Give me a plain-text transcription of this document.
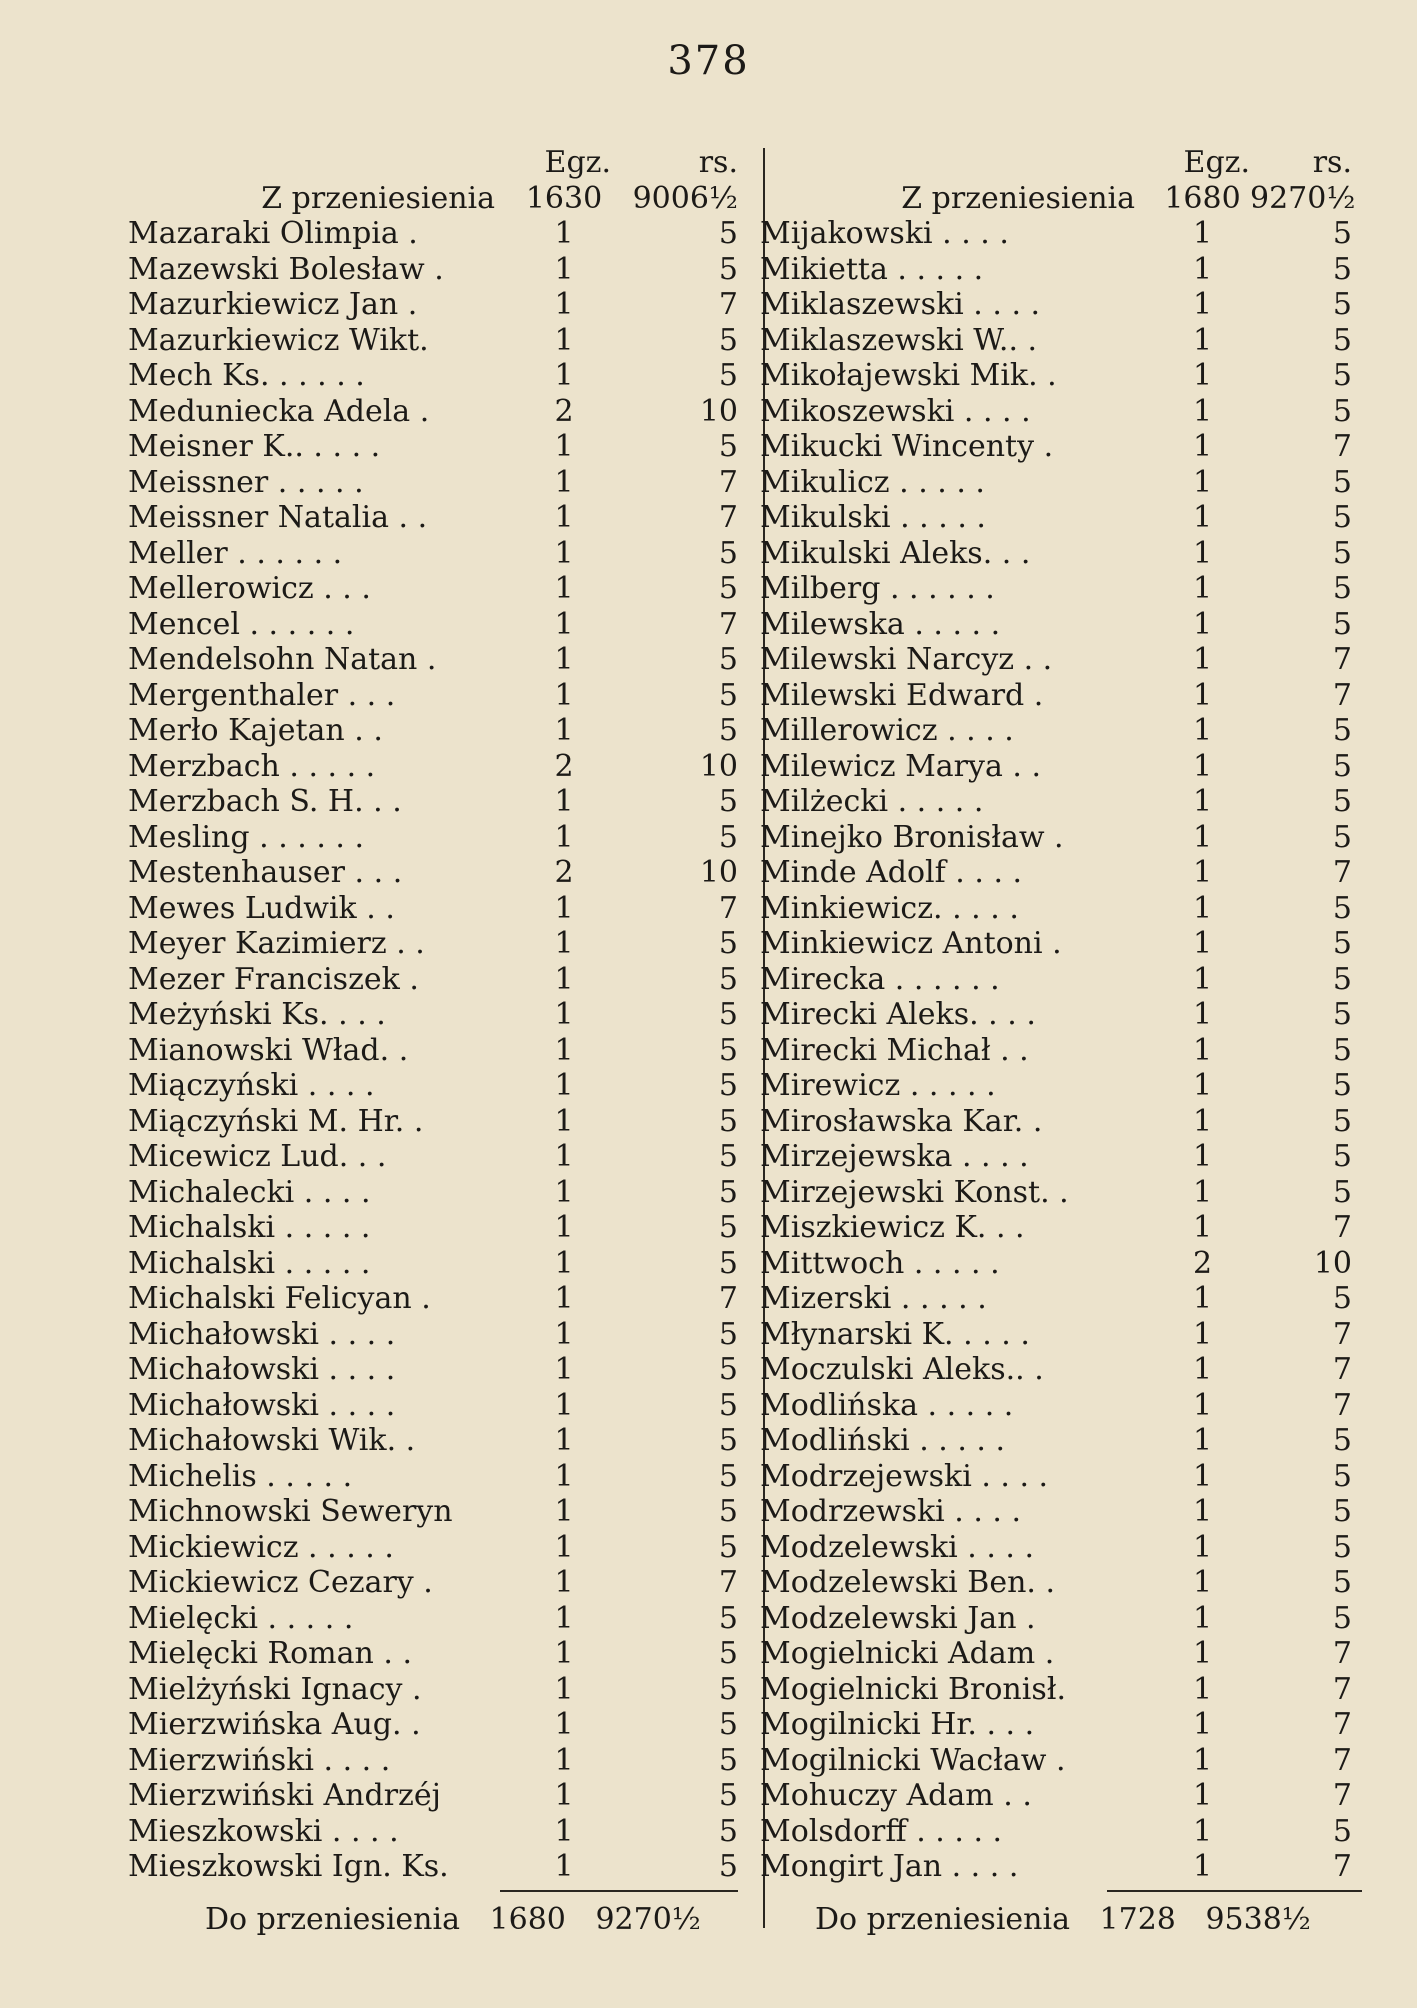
378
Egz.	rs.
Z przeniesienia	1630	9006½
Mazaraki Olimpia .	1	5
Mazewski Bolesław .	1	5
Mazurkiewicz Jan .	1	7
Mazurkiewicz Wikt.	1	5
Mech Ks. . . . . .	1	5
Meduniecka Adela .	2	10
Meisner K.. . . . .	1	5
Meissner . . . . .	1	7
Meissner Natalia . .	1	7
Meller . . . . . .	1	5
Mellerowicz . . .	1	5
Mencel . . . . . .	1	7
Mendelsohn Natan .	1	5
Mergenthaler . . .	1	5
Merło Kajetan . .	1	5
Merzbach . . . . .	2	10
Merzbach S. H. . .	1	5
Mesling . . . . . .	1	5
Mestenhauser . . .	2	10
Mewes Ludwik . .	1	7
Meyer Kazimierz . .	1	5
Mezer Franciszek .	1	5
Meżyński Ks. . . .	1	5
Mianowski Wład. .	1	5
Miączyński . . . .	1	5
Miączyński M. Hr. .	1	5
Micewicz Lud. . .	1	5
Michalecki . . . .	1	5
Michalski . . . . .	1	5
Michalski . . . . .	1	5
Michalski Felicyan .	1	7
Michałowski . . . .	1	5
Michałowski . . . .	1	5
Michałowski . . . .	1	5
Michałowski Wik. .	1	5
Michelis . . . . .	1	5
Michnowski Seweryn	1	5
Mickiewicz . . . . .	1	5
Mickiewicz Cezary .	1	7
Mielęcki . . . . .	1	5
Mielęcki Roman . .	1	5
Mielżyński Ignacy .	1	5
Mierzwińska Aug. .	1	5
Mierzwiński . . . .	1	5
Mierzwiński Andrzéj	1	5
Mieszkowski . . . .	1	5
Mieszkowski Ign. Ks.	1	5
Egz.	rs.
Z przeniesienia 1680 9270½
Mijakowski . . . .	1	5
Mikietta . . . . .	1	5
Miklaszewski . . . .	1	5
Miklaszewski W.. .	1	5
Mikołajewski Mik. .	1	5
Mikoszewski . . . .	1	5
Mikucki Wincenty .	1	7
Mikulicz . . . . .	1	5
Mikulski . . . . .	1	5
Mikulski Aleks. . .	1	5
Milberg . . . . . .	1	5
Milewska . . . . .	1	5
Milewski Narcyz . .	1	7
Milewski Edward .	1	7
Millerowicz . . . .	1	5
Milewicz Marya . .	1	5
Milżecki . . . . .	1	5
Minejko Bronisław .	1	5
Minde Adolf . . . .	1	7
Minkiewicz. . . . .	1	5
Minkiewicz Antoni .	1	5
Mirecka . . . . . .	1	5
Mirecki Aleks. . . .	1	5
Mirecki Michał . .	1	5
Mirewicz . . . . .	1	5
Mirosławska Kar. .	1	5
Mirzejewska . . . .	1	5
Mirzejewski Konst. .	1	5
Miszkiewicz K. . .	1	7
Mittwoch . . . . .	2	10
Mizerski . . . . .	1	5
Młynarski K. . . . .	1	7
Moczulski Aleks.. .	1	7
Modlińska . . . . .	1	7
Modliński . . . . .	1	5
Modrzejewski . . . .	1	5
Modrzewski . . . .	1	5
Modzelewski . . . .	1	5
Modzelewski Ben. .	1	5
Modzelewski Jan .	1	5
Mogielnicki Adam .	1	7
Mogielnicki Bronisł.	1	7
Mogilnicki Hr. . . .	1	7
Mogilnicki Wacław .	1	7
Mohuczy Adam . .	1	7
Molsdorff . . . . .	1	5
Mongirt Jan . . . .	1	7
Do przeniesienia 1680 9270½	Do przeniesienia 1728 9538½
